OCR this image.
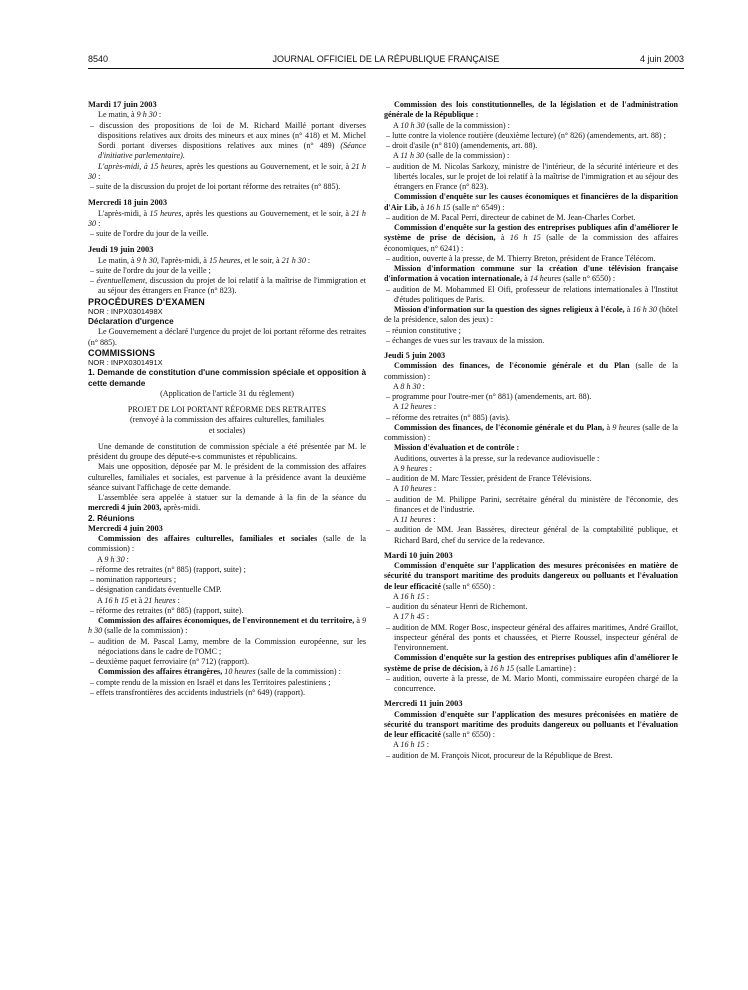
8540	JOURNAL OFFICIEL DE LA RÉPUBLIQUE FRANÇAISE	4 juin 2003

Mardi 17 juin 2003

Le matin, à 9 h 30 :

– discussion des propositions de loi de M. Richard Maillé portant diverses dispositions relatives aux droits des mineurs et aux mines (n° 418) et M. Michel Sordi portant diverses dispositions relatives aux mines (n° 489) (Séance d'initiative parlementaire).

L'après-midi, à 15 heures, après les questions au Gouvernement, et le soir, à 21 h 30 :

– suite de la discussion du projet de loi portant réforme des retraites (n° 885).

Mercredi 18 juin 2003

L'après-midi, à 15 heures, après les questions au Gouvernement, et le soir, à 21 h 30 :

– suite de l'ordre du jour de la veille.

Jeudi 19 juin 2003

Le matin, à 9 h 30, l'après-midi, à 15 heures, et le soir, à 21 h 30 :

– suite de l'ordre du jour de la veille ;

– éventuellement, discussion du projet de loi relatif à la maîtrise de l'immigration et au séjour des étrangers en France (n° 823).

PROCÉDURES D'EXAMEN

NOR : INPX0301498X

Déclaration d'urgence

Le Gouvernement a déclaré l'urgence du projet de loi portant réforme des retraites (n° 885).

COMMISSIONS

NOR : INPX0301491X

1. Demande de constitution d'une commission spéciale et opposition à cette demande

(Application de l'article 31 du règlement)

PROJET DE LOI PORTANT RÉFORME DES RETRAITES

(renvoyé à la commission des affaires culturelles, familiales et sociales)

Une demande de constitution de commission spéciale a été présentée par M. le président du groupe des député-e-s communistes et républicains.

Mais une opposition, déposée par M. le président de la commission des affaires culturelles, familiales et sociales, est parvenue à la présidence avant la deuxième séance suivant l'affichage de cette demande.

L'assemblée sera appelée à statuer sur la demande à la fin de la séance du mercredi 4 juin 2003, après-midi.

2. Réunions

Mercredi 4 juin 2003

Commission des affaires culturelles, familiales et sociales (salle de la commission) :

A 9 h 30 :

– réforme des retraites (n° 885) (rapport, suite) ;

– nomination rapporteurs ;

– désignation candidats éventuelle CMP.

A 16 h 15 et à 21 heures :

– réforme des retraites (n° 885) (rapport, suite).

Commission des affaires économiques, de l'environnement et du territoire, à 9 h 30 (salle de la commission) :

– audition de M. Pascal Lamy, membre de la Commission européenne, sur les négociations dans le cadre de l'OMC ;

– deuxième paquet ferroviaire (n° 712) (rapport).

Commission des affaires étrangères, 10 heures (salle de la commission) :

– compte rendu de la mission en Israël et dans les Territoires palestiniens ;

– effets transfrontières des accidents industriels (n° 649) (rapport).

Commission des lois constitutionnelles, de la législation et de l'administration générale de la République :

A 10 h 30 (salle de la commission) :

– lutte contre la violence routière (deuxième lecture) (n° 826) (amendements, art. 88) ;

– droit d'asile (n° 810) (amendements, art. 88).

A 11 h 30 (salle de la commission) :

– audition de M. Nicolas Sarkozy, ministre de l'intérieur, de la sécurité intérieure et des libertés locales, sur le projet de loi relatif à la maîtrise de l'immigration et au séjour des étrangers en France (n° 823).

Commission d'enquête sur les causes économiques et financières de la disparition d'Air Lib, à 16 h 15 (salle n° 6549) :

– audition de M. Pacal Perri, directeur de cabinet de M. Jean-Charles Corbet.

Commission d'enquête sur la gestion des entreprises publiques afin d'améliorer le système de prise de décision, à 16 h 15 (salle de la commission des affaires économiques, n° 6241) :

– audition, ouverte à la presse, de M. Thierry Breton, président de France Télécom.

Mission d'information commune sur la création d'une télévision française d'information à vocation internationale, à 14 heures (salle n° 6550) :

– audition de M. Mohammed El Oifi, professeur de relations internationales à l'Institut d'études politiques de Paris.

Mission d'information sur la question des signes religieux à l'école, à 16 h 30 (hôtel de la présidence, salon des jeux) :

– réunion constitutive ;

– échanges de vues sur les travaux de la mission.

Jeudi 5 juin 2003

Commission des finances, de l'économie générale et du Plan (salle de la commission) :

A 8 h 30 :

– programme pour l'outre-mer (n° 881) (amendements, art. 88).

A 12 heures :

– réforme des retraites (n° 885) (avis).

Commission des finances, de l'économie générale et du Plan, à 9 heures (salle de la commission) :

Mission d'évaluation et de contrôle :

Auditions, ouvertes à la presse, sur la redevance audiovisuelle :

A 9 heures :

– audition de M. Marc Tessier, président de France Télévisions.

A 10 heures :

– audition de M. Philippe Parini, secrétaire général du ministère de l'économie, des finances et de l'industrie.

A 11 heures :

– audition de MM. Jean Bassères, directeur général de la comptabilité publique, et Richard Bard, chef du service de la redevance.

Mardi 10 juin 2003

Commission d'enquête sur l'application des mesures préconisées en matière de sécurité du transport maritime des produits dangereux ou polluants et l'évaluation de leur efficacité (salle n° 6550) :

A 16 h 15 :

– audition du sénateur Henri de Richemont.

A 17 h 45 :

– audition de MM. Roger Bosc, inspecteur général des affaires maritimes, André Graillot, inspecteur général des ponts et chaussées, et Pierre Roussel, inspecteur général de l'environnement.

Commission d'enquête sur la gestion des entreprises publiques afin d'améliorer le système de prise de décision, à 16 h 15 (salle Lamartine) :

– audition, ouverte à la presse, de M. Mario Monti, commissaire européen chargé de la concurrence.

Mercredi 11 juin 2003

Commission d'enquête sur l'application des mesures préconisées en matière de sécurité du transport maritime des produits dangereux ou polluants et l'évaluation de leur efficacité (salle n° 6550) :

A 16 h 15 :

– audition de M. François Nicot, procureur de la République de Brest.
